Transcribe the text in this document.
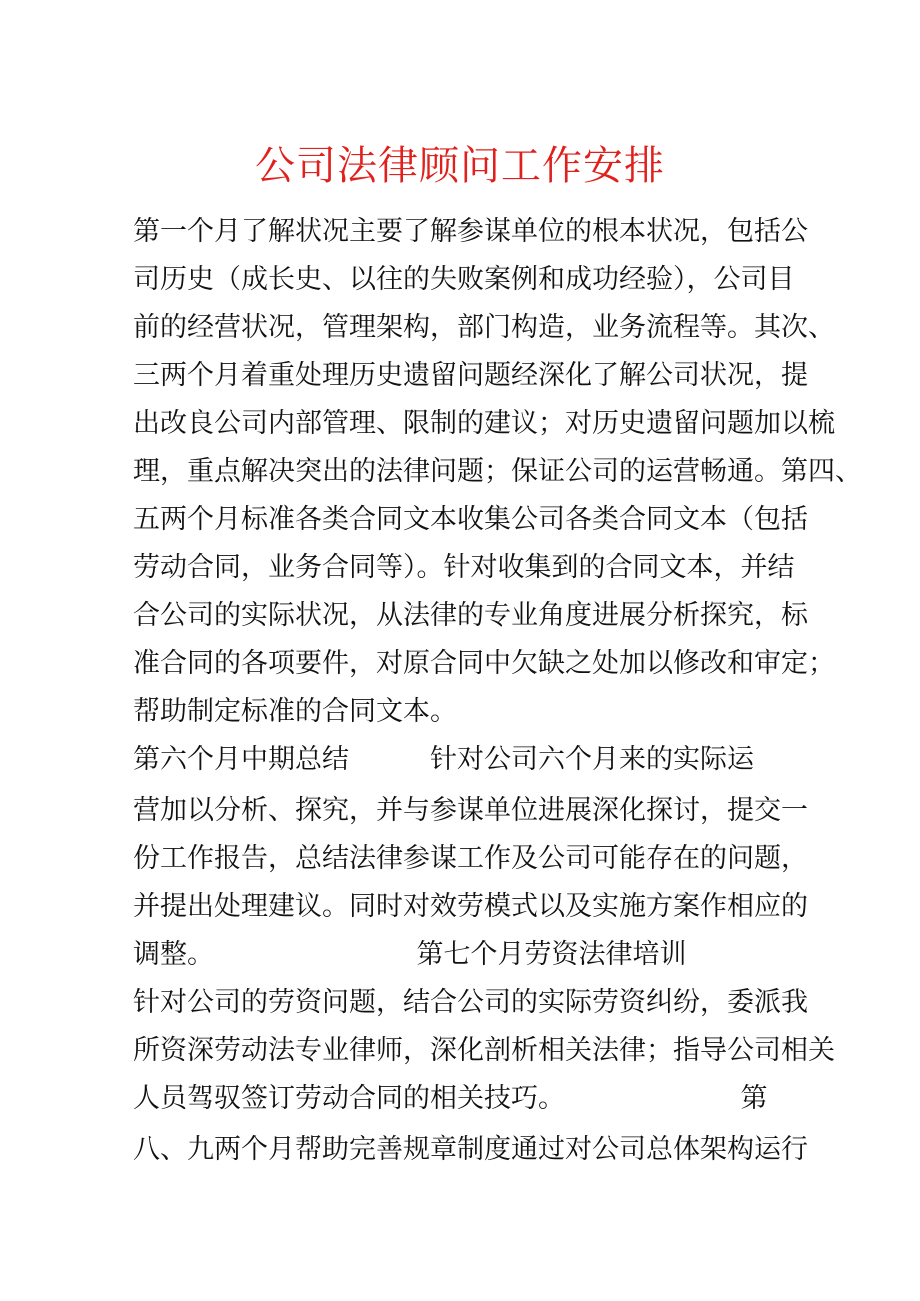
公司法律顾问工作安排
第一个月了解状况主要了解参谋单位的根本状况，包括公
司历史（成长史、以往的失败案例和成功经验），公司目
前的经营状况，管理架构，部门构造，业务流程等。其次、
三两个月着重处理历史遗留问题经深化了解公司状况，提
出改良公司内部管理、限制的建议；对历史遗留问题加以梳
理，重点解决突出的法律问题；保证公司的运营畅通。第四、
五两个月标准各类合同文本收集公司各类合同文本（包括
劳动合同，业务合同等）。针对收集到的合同文本，并结
合公司的实际状况，从法律的专业角度进展分析探究，标
准合同的各项要件，对原合同中欠缺之处加以修改和审定；
帮助制定标准的合同文本。
第六个月中期总结　　　针对公司六个月来的实际运
营加以分析、探究，并与参谋单位进展深化探讨，提交一
份工作报告，总结法律参谋工作及公司可能存在的问题，
并提出处理建议。同时对效劳模式以及实施方案作相应的
调整。　　　　　　　　第七个月劳资法律培训
针对公司的劳资问题，结合公司的实际劳资纠纷，委派我
所资深劳动法专业律师，深化剖析相关法律；指导公司相关
人员驾驭签订劳动合同的相关技巧。　　　　　　　第
八、九两个月帮助完善规章制度通过对公司总体架构运行
